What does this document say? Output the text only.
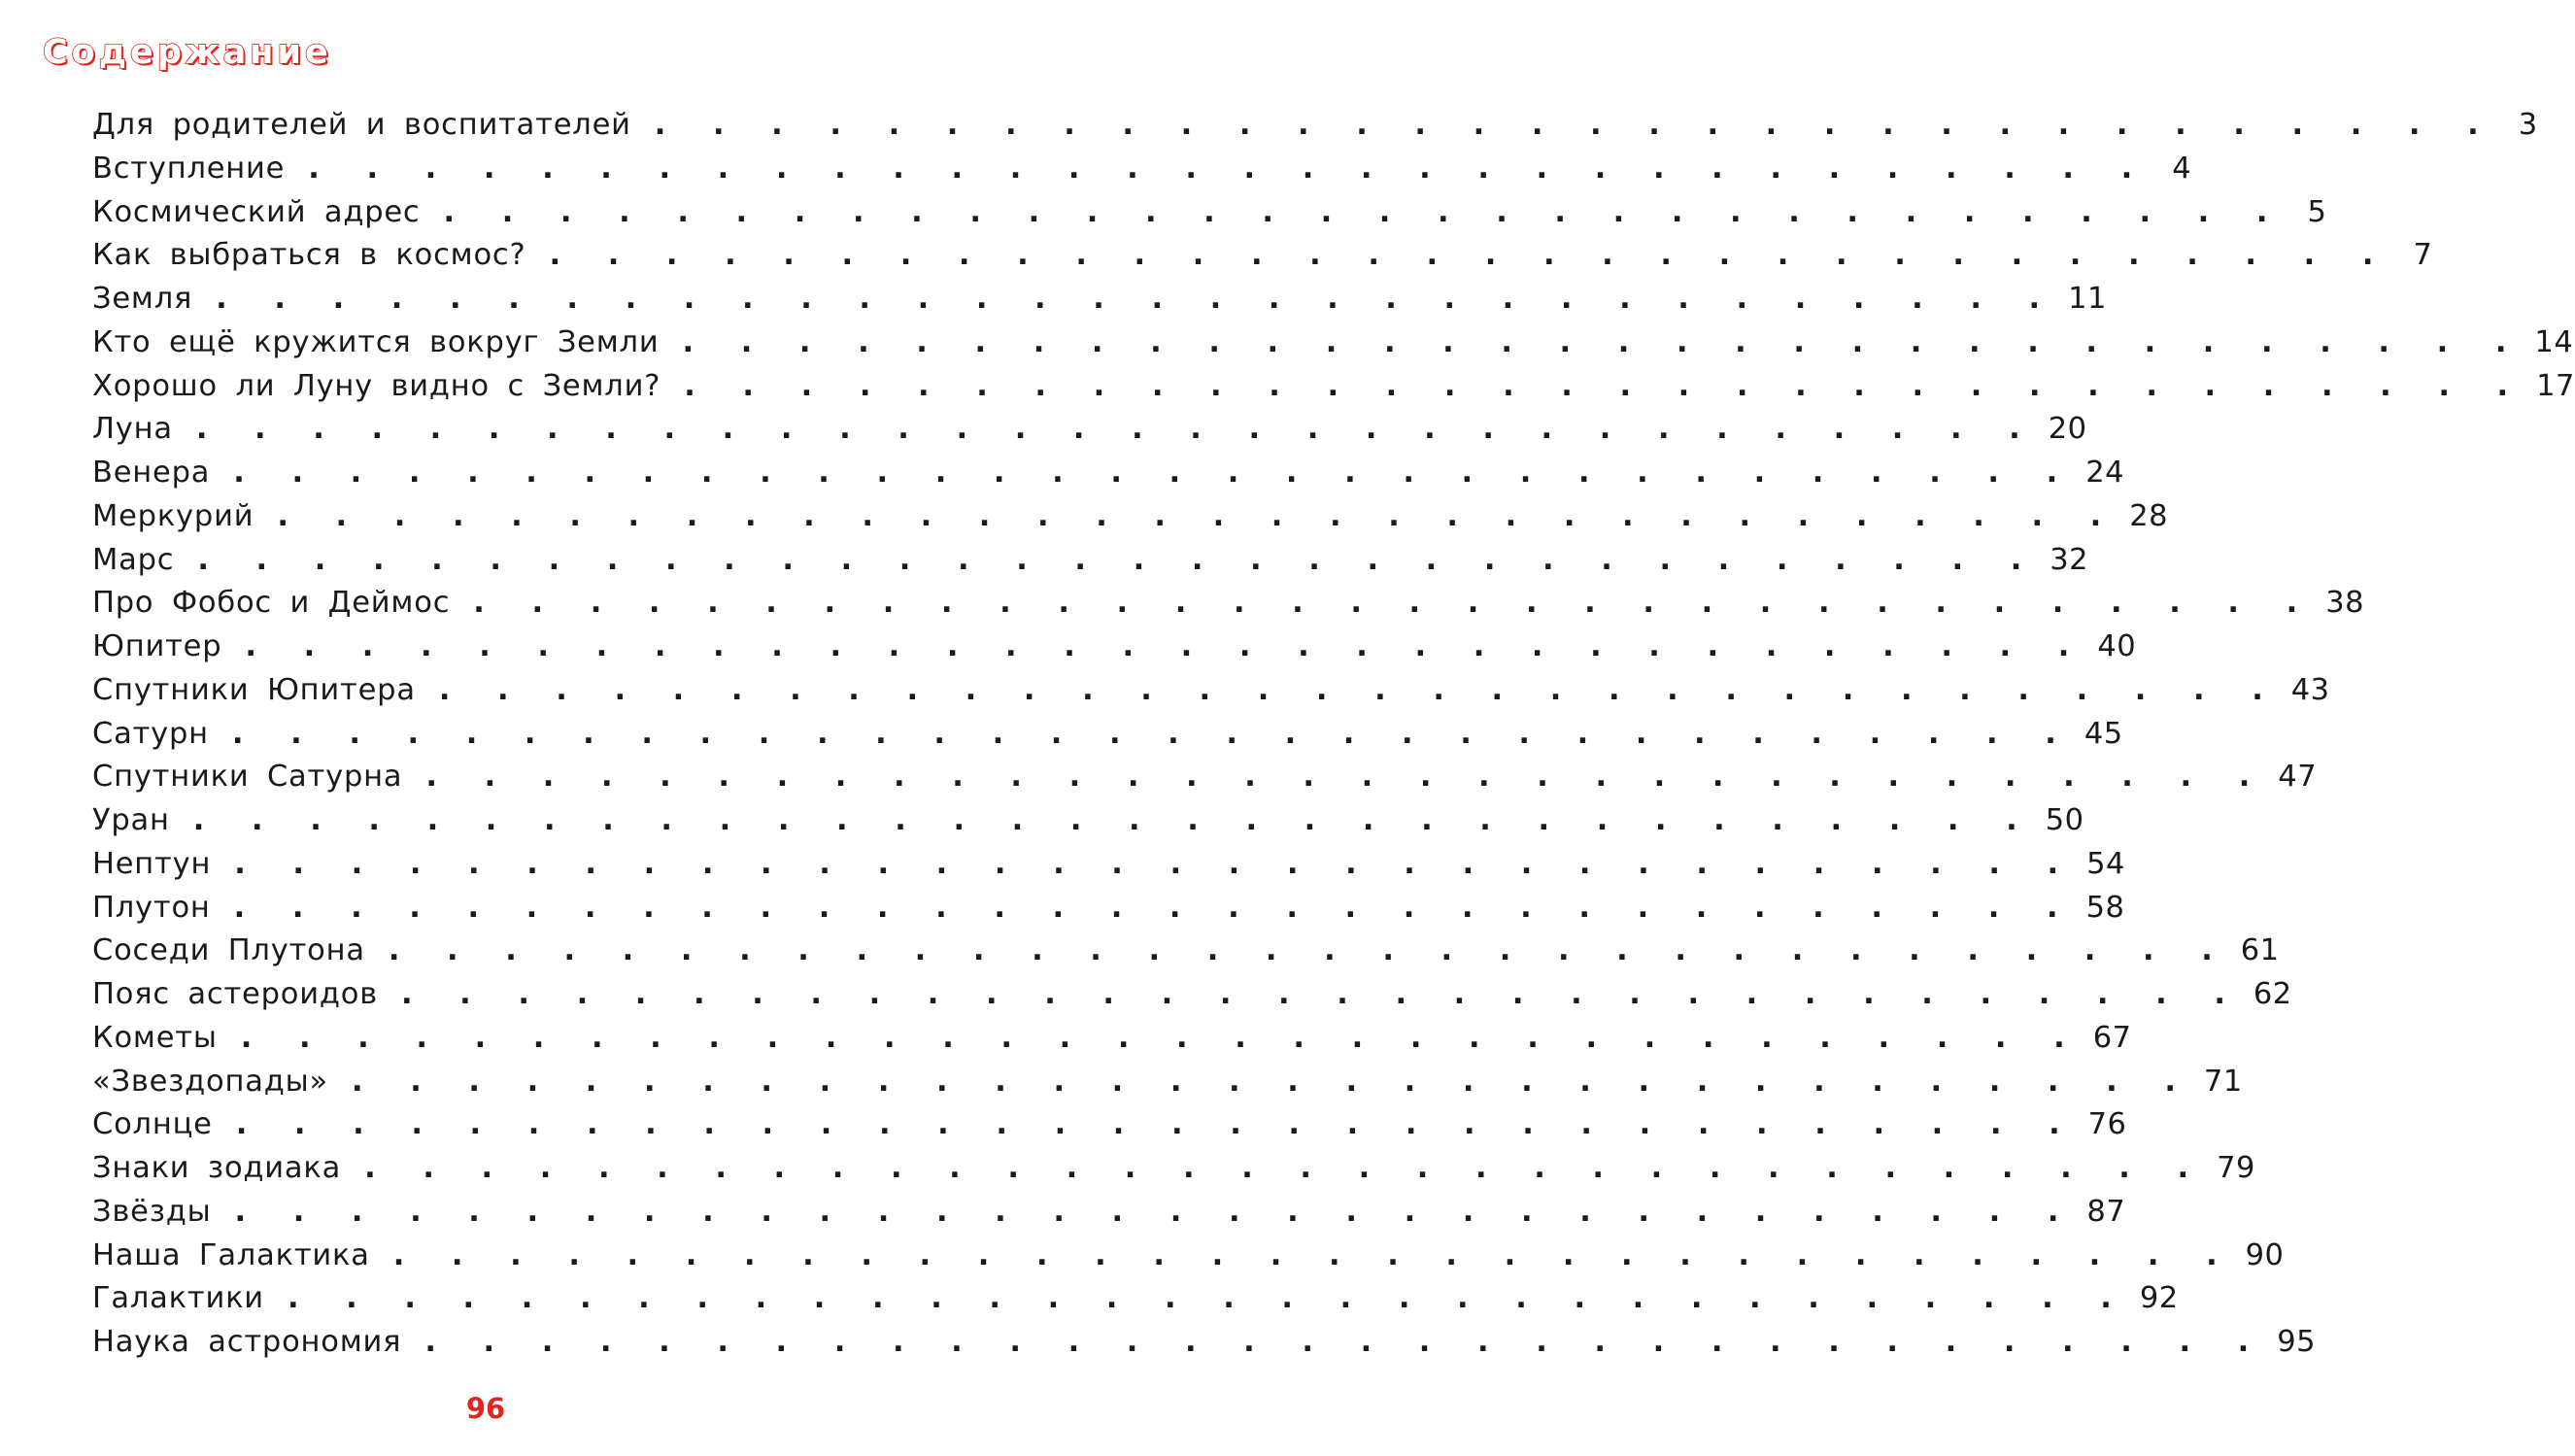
Содержание
Для родителей и воспитателей . . . . . . . . . . . . . . . . . . . . . . . . . . . . . . . . 3
Вступление . . . . . . . . . . . . . . . . . . . . . . . . . . . . . . . . 4
Космический адрес . . . . . . . . . . . . . . . . . . . . . . . . . . . . . . . . 5
Как выбраться в космос? . . . . . . . . . . . . . . . . . . . . . . . . . . . . . . . . 7
Земля . . . . . . . . . . . . . . . . . . . . . . . . . . . . . . . . 11
Кто ещё кружится вокруг Земли . . . . . . . . . . . . . . . . . . . . . . . . . . . . . . . . 14
Хорошо ли Луну видно с Земли? . . . . . . . . . . . . . . . . . . . . . . . . . . . . . . . . 17
Луна . . . . . . . . . . . . . . . . . . . . . . . . . . . . . . . . 20
Венера . . . . . . . . . . . . . . . . . . . . . . . . . . . . . . . . 24
Меркурий . . . . . . . . . . . . . . . . . . . . . . . . . . . . . . . . 28
Марс . . . . . . . . . . . . . . . . . . . . . . . . . . . . . . . . 32
Про Фобос и Деймос . . . . . . . . . . . . . . . . . . . . . . . . . . . . . . . . 38
Юпитер . . . . . . . . . . . . . . . . . . . . . . . . . . . . . . . . 40
Спутники Юпитера . . . . . . . . . . . . . . . . . . . . . . . . . . . . . . . . 43
Сатурн . . . . . . . . . . . . . . . . . . . . . . . . . . . . . . . . 45
Спутники Сатурна . . . . . . . . . . . . . . . . . . . . . . . . . . . . . . . . 47
Уран . . . . . . . . . . . . . . . . . . . . . . . . . . . . . . . . 50
Нептун . . . . . . . . . . . . . . . . . . . . . . . . . . . . . . . . 54
Плутон . . . . . . . . . . . . . . . . . . . . . . . . . . . . . . . . 58
Соседи Плутона . . . . . . . . . . . . . . . . . . . . . . . . . . . . . . . . 61
Пояс астероидов . . . . . . . . . . . . . . . . . . . . . . . . . . . . . . . . 62
Кометы . . . . . . . . . . . . . . . . . . . . . . . . . . . . . . . . 67
«Звездопады» . . . . . . . . . . . . . . . . . . . . . . . . . . . . . . . . 71
Солнце . . . . . . . . . . . . . . . . . . . . . . . . . . . . . . . . 76
Знаки зодиака . . . . . . . . . . . . . . . . . . . . . . . . . . . . . . . . 79
Звёзды . . . . . . . . . . . . . . . . . . . . . . . . . . . . . . . . 87
Наша Галактика . . . . . . . . . . . . . . . . . . . . . . . . . . . . . . . . 90
Галактики . . . . . . . . . . . . . . . . . . . . . . . . . . . . . . . . 92
Наука астрономия . . . . . . . . . . . . . . . . . . . . . . . . . . . . . . . . 95
96
